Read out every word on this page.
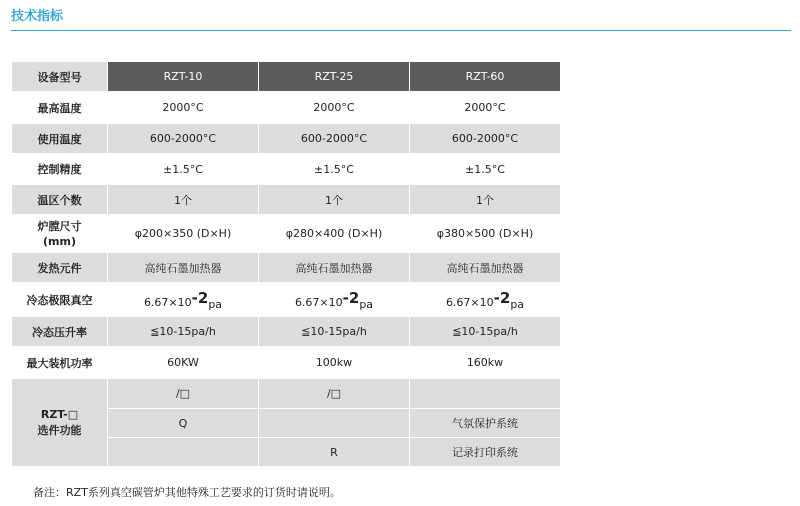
技术指标
设备型号	RZT-10	RZT-25	RZT-60
最高温度	2000°C	2000°C	2000°C
使用温度	600-2000°C	600-2000°C	600-2000°C
控制精度	±1.5°C	±1.5°C	±1.5°C
温区个数	1个	1个	1个
炉膛尺寸
(mm)	φ200×350 (D×H)	φ280×400 (D×H)	φ380×500 (D×H)
发热元件	高纯石墨加热器	高纯石墨加热器	高纯石墨加热器
冷态极限真空	6.67×10-2pa	6.67×10-2pa	6.67×10-2pa
冷态压升率	≦10-15pa/h	≦10-15pa/h	≦10-15pa/h
最大装机功率	60KW	100kw	160kw

RZT-□
选件功能	/□	/□	
	Q		气氛保护系统
		R	记录打印系统
备注：RZT系列真空碳管炉其他特殊工艺要求的订货时请说明。
